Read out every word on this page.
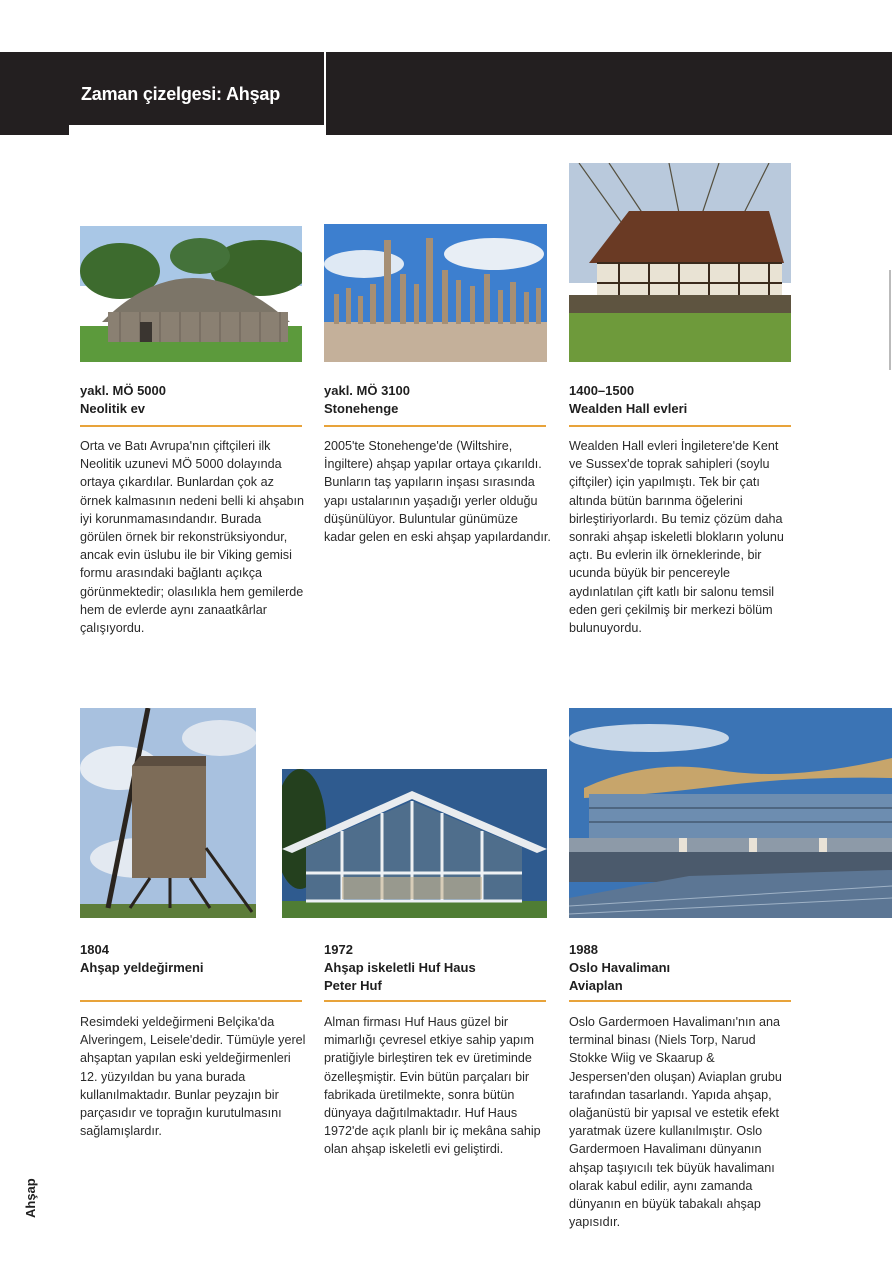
Zaman çizelgesi: Ahşap
yakl. MÖ 5000
Neolitik ev
Orta ve Batı Avrupa'nın çiftçileri ilk Neolitik uzunevi MÖ 5000 dolayında ortaya çıkardılar. Bunlardan çok az örnek kalmasının nedeni belli ki ahşabın iyi korunmamasındandır. Burada görülen örnek bir rekonstrüksiyondur, ancak evin üslubu ile bir Viking gemisi formu arasındaki bağlantı açıkça görünmektedir; olasılıkla hem gemilerde hem de evlerde aynı zanaatkârlar çalışıyordu.
yakl. MÖ 3100
Stonehenge
2005'te Stonehenge'de (Wiltshire, İngiltere) ahşap yapılar ortaya çıkarıldı. Bunların taş yapıların inşası sırasında yapı ustalarının yaşadığı yerler olduğu düşünülüyor. Buluntular günümüze kadar gelen en eski ahşap yapılardandır.
1400–1500
Wealden Hall evleri
Wealden Hall evleri İngiletere'de Kent ve Sussex'de toprak sahipleri (soylu çiftçiler) için yapılmıştı. Tek bir çatı altında bütün barınma öğelerini birleştiriyorlardı. Bu temiz çözüm daha sonraki ahşap iskeletli blokların yolunu açtı. Bu evlerin ilk örneklerinde, bir ucunda büyük bir pencereyle aydınlatılan çift katlı bir salonu temsil eden geri çekilmiş bir merkezi bölüm bulunuyordu.
1804
Ahşap yeldeğirmeni
Resimdeki yeldeğirmeni Belçika'da Alveringem, Leisele'dedir. Tümüyle yerel ahşaptan yapılan eski yeldeğirmenleri 12. yüzyıldan bu yana burada kullanılmaktadır. Bunlar peyzajın bir parçasıdır ve toprağın kurutulmasını sağlamışlardır.
1972
Ahşap iskeletli Huf Haus
Peter Huf
Alman firması Huf Haus güzel bir mimarlığı çevresel etkiye sahip yapım pratiğiyle birleştiren tek ev üretiminde özelleşmiştir. Evin bütün parçaları bir fabrikada üretilmekte, sonra bütün dünyaya dağıtılmaktadır. Huf Haus 1972'de açık planlı bir iç mekâna sahip olan ahşap iskeletli evi geliştirdi.
1988
Oslo Havalimanı
Aviaplan
Oslo Gardermoen Havalimanı'nın ana terminal binası (Niels Torp, Narud Stokke Wiig ve Skaarup & Jespersen'den oluşan) Aviaplan grubu tarafından tasarlandı. Yapıda ahşap, olağanüstü bir yapısal ve estetik efekt yaratmak üzere kullanılmıştır. Oslo Gardermoen Havalimanı dünyanın ahşap taşıyıcılı tek büyük havalimanı olarak kabul edilir, aynı zamanda dünyanın en büyük tabakalı ahşap yapısıdır.
Ahşap
